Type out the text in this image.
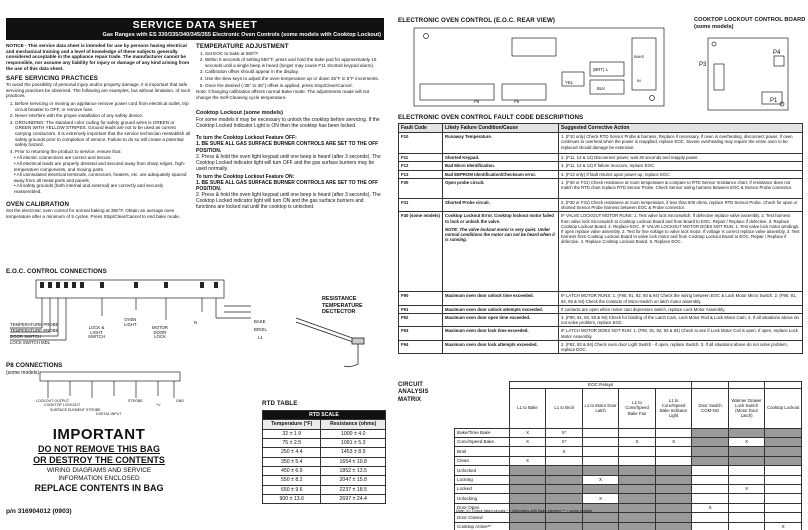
SERVICE DATA SHEET
Gas Ranges with ES 330/335/340/345/355 Electronic Oven Controls (some models with Cooktop Lockout)

NOTICE - This service data sheet is intended for use by persons having electrical and mechanical training and a level of knowledge of these subjects generally considered acceptable in the appliance repair trade. The manufacturer cannot be responsible, nor assume any liability for injury or damage of any kind arising from the use of this data sheet.

SAFE SERVICING PRACTICES

To avoid the possibility of personal injury and/or property damage, it is important that safe servicing practices be observed. The following are examples, but without limitation, of such practices.

1. Before servicing or moving an appliance remove power cord from electrical outlet, trip circuit breaker to OFF, or remove fuse.
2. Never interfere with the proper installation of any safety device.
3. GROUNDING: The standard color coding for safety ground wires is GREEN or GREEN WITH YELLOW STRIPES. Ground leads are not to be used as current carrying conductors. It is extremely important that the service technician reestablish all safety grounds prior to completion of service. Failure to do so will create a potential safety hazard.
4. Prior to returning the product to service, ensure that:
• All electric connections are correct and secure.
• All electrical leads are properly dressed and secured away from sharp edges, high-temperature components, and moving parts.
• All uninsulated electrical terminals, connectors, heaters, etc. are adequately spaced away from all metal parts and panels.
• All safety grounds (both internal and external) are correctly and securely reassembled.
OVEN CALIBRATION

Set the electronic oven control for normal baking at 350°F. Obtain an average oven temperature after a minimum of 5 cycles. Press Stop/Clear/Cancel to end bake mode.

E.O.C. CONTROL CONNECTIONS
TEMPERATURE PROBE
TEMPERATURE PROBE
DOOR SWITCH
LOCK SWITCH MDL
LOCK &
LIGHT
SWITCH
OVEN
LIGHT
MOTOR
DOOR
LOCK
N	BAKE
BROIL
L1
P8 CONNECTIONS
(some models)
LOCKOUT OUTPUT
COOKTOP LOCKOUT
SURFACE ELEMENT STROBE
DIGITAL INPUT
STROBE
+V
GND
IMPORTANT
DO NOT REMOVE THIS BAG
OR DESTROY THE CONTENTS
WIRING DIAGRAMS AND SERVICE
INFORMATION ENCLOSED
REPLACE CONTENTS IN BAG
p/n 316904012 (0903)
TEMPERATURE ADJUSTMENT
1. Set EOC to bake at 550°F.
2. Within 5 seconds of setting 550°F, press and hold the bake pad for approximately 15 seconds until a single beep is heard (longer may cause F11 shorted keypad alarm).
3. Calibration offset should appear in the display.
4. Use the slew keys to adjust the oven temperature up or down 35°F in 5°F increments.
5. Once the desired (-35° to 35°) offset is applied, press Stop/Clear/Cancel.

Note: Changing calibration affects normal Bake mode. The adjustments made will not change the Self-Cleaning cycle temperature.

Cooktop Lockout (some models)

For some models it may be necessary to unlock the cooktop before servicing. If the Cooktop Locked Indicator Light is ON then the cooktop has been locked.

To turn the Cooktop Lockout Feature OFF:
1. BE SURE ALL GAS SURFACE BURNER CONTROLS ARE SET TO THE OFF POSITION.

2. Press & hold the oven light keypad until one beep is heard (after 3 seconds). The Cooktop Locked indicator light will turn OFF and the gas surface burners may be used normally.

To turn the Cooktop Lockout Feature ON:
1. BE SURE ALL GAS SURFACE BURNER CONTROLS ARE SET TO THE OFF POSITION.

2. Press & hold the oven light keypad until one beep is heard (after 3 seconds). The Cooktop Locked indicator light will turn ON and the gas surface burners and functions are locked out until the cooktop is unlocked.

RESISTANCE TEMPERATURE DECTECTOR
RTD TABLE
RTD SCALE	
Temperature (°F)	Resistance (ohms)
32 ± 1.9	1000 ± 4.0
75 ± 2.5	1091 ± 5.3
250 ± 4.4	1453 ± 8.9
350 ± 5.4	1654 ± 10.8
450 ± 6.9	1852 ± 13.5
550 ± 8.2	2047 ± 15.8
650 ± 9.6	2237 ± 18.5
900 ± 13.6	2697 ± 24.4
ELECTRONIC OVEN CONTROL (E.O.C. REAR VIEW)
P8	P5
YEL
BLK
(BRT) L
BAKE
IN
COOKTOP LOCKOUT CONTROL BOARD
(some models)
P4
P3
P1
ELECTRONIC OVEN CONTROL FAULT CODE DESCRIPTIONS
Fault Code	Likely Failure Condition/Cause	Suggested Corrective Action
F10	Runaway Temperature.	1. (F10 only) Check RTD Sensor Probe & harness. Replace if necessary. If oven is overheating, disconnect power. If oven continues to overheat when the power is reapplied, replace EOC. Severe overheating may require the entire oven to be replaced should damage be extensive.
F11	Shorted Keypad.	2. (F11, 12 & 13) Disconnect power, wait 30 seconds and reapply power.
F12	Bad Micro Identification.	3. (F11, 12 & 13) If failure reoccurs, replace EOC.
F13	Bad EEPROM Identification/Checksum error.	4. (F13 only) If fault returns upon power-up, replace EOC.
F30	Open probe circuit.	1. (F30 or F31) Check resistance at room temperature & compare to RTD Sensor resistance chart. If resistance does not match the RTD chart replace RTD Sensor Probe. Check Sensor wiring harness between EOC & Sensor Probe connector.
F31	Shorted Probe circuit.	2. (F30 or F31) Check resistance at room temperature, if less than 500 ohms, replace RTD Sensor Probe. Check for open or shorted Sensor Probe harness between EOC & Probe connector.
F40 (some models)	Cooktop Lockout Error. Cooktop lockout motor failed to lock or unlock the valve.
NOTE: The valve lockout motor is very quiet. Under normal conditions the motor can not be heard when it is running.	IF VALVE LOCKOUT MOTOR RUNS: 1. Test valve lock microswitch. If defective replace valve assembly. 2. Test harness from valve lock microswitch to Cooktop Lockout Board and from Board to EOC. Repair / Replace if defective. 3. Replace Cooktop Lockout Board. 4. Replace EOC. IF VALVE LOCKOUT MOTOR DOES NOT RUN: 1. Test valve lock motor windings. If open replace valve assembly. 2. Test for line voltage to valve lock motor. If voltage is correct replace valve assembly. 3. Test harness from Cooktop Lockout Board to valve lock motor and from Cooktop Lockout Board to EOC. Repair / Replace if defective. 4. Replace Cooktop Lockout Board. 5. Replace EOC.
F90	Maximum oven door unlock time exceeded.	IF LATCH MOTOR RUNS: 1. (F90, 91, 92, 93 & 94) Check the wiring between EOC & Lock Motor Micro Switch. 2. (F90, 91, 92, 93 & 94) Check the contacts of Micro-Switch on latch motor assembly.
F91	Maximum oven door unlock attempts exceeded.	If contacts are open when motor cam depresses switch, replace Lock Motor Assembly.
F92	Maximum oven door open time exceeded.	3. (F90, 91, 92, 93 & 94) Check for binding of the Latch Cam, Lock Motor Rod & Lock Motor Cam. 4. If all situations above do not solve problem, replace EOC.
F93	Maximum oven door lock time exceeded.	IF LATCH MOTOR DOES NOT RUN: 1. (F90, 91, 92, 93 & 94) Check to see if Lock Motor Coil is open. If open, replace Lock Motor Assembly.
F94	Maximum oven door lock attempts exceeded.	2. (F92, 93 & 94) Check oven door Light Switch - if open, replace Switch. 3. If all situations above do not solve problem, replace EOC.
CIRCUIT ANALYSIS MATRIX
	EOC Relays							
	L1 to Bake	L1 to Broil	L1 to Motor Door Latch	L1 to Conv/Speed Bake Fan	L1 to Conv/Speed Bake Indicator Light	Door Switch COM-NO	Warmer Drawer Lock Switch (Motor Door Latch)	Cooktop Lockout
Bake/Time Bake	X	X*						
Conv/Speed Bake	X	X*		X	X		X	
Broil		X						
Clean	X							
Unlocked								
Locking			X					
Locked							X	
Unlocking			X					
Door Open						X		
Door Closed								
Cooktop Active**								X
Note: X= Check listed circuits * = Alternates with Bake element ** = some models
